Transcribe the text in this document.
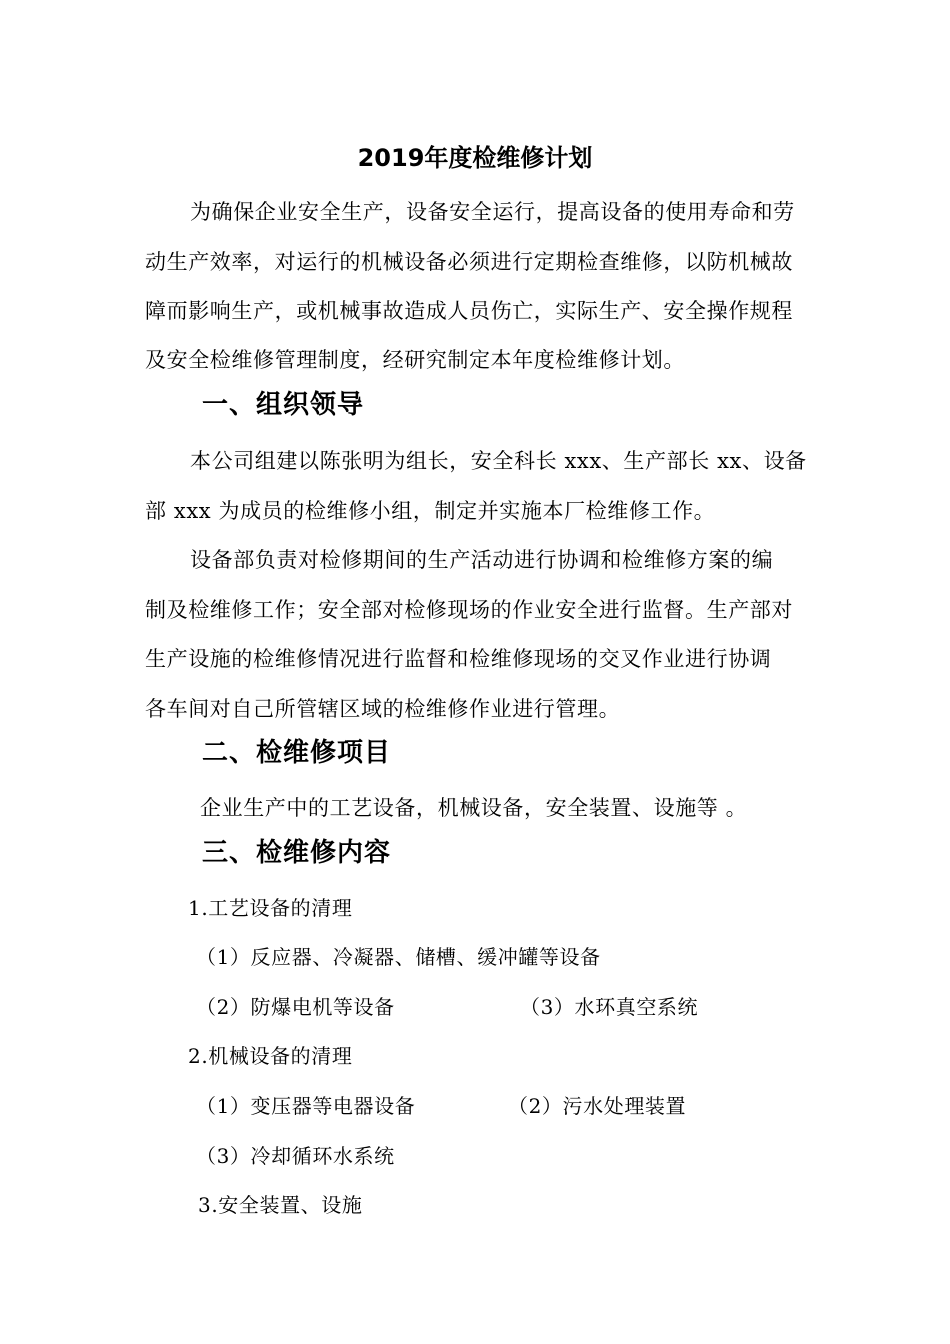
2019年度检维修计划

为确保企业安全生产，设备安全运行，提高设备的使用寿命和劳

动生产效率，对运行的机械设备必须进行定期检查维修，以防机械故

障而影响生产，或机械事故造成人员伤亡，实际生产、安全操作规程

及安全检维修管理制度，经研究制定本年度检维修计划。

一、组织领导

本公司组建以陈张明为组长，安全科长 xxx、生产部长 xx、设备

部 xxx 为成员的检维修小组，制定并实施本厂检维修工作。

设备部负责对检修期间的生产活动进行协调和检维修方案的编

制及检维修工作；安全部对检修现场的作业安全进行监督。生产部对

生产设施的检维修情况进行监督和检维修现场的交叉作业进行协调

各车间对自己所管辖区域的检维修作业进行管理。

二、检维修项目

企业生产中的工艺设备，机械设备，安全装置、设施等 。

三、检维修内容

1.工艺设备的清理

（1）反应器、冷凝器、储槽、缓冲罐等设备

（2）防爆电机等设备	（3）水环真空系统

2.机械设备的清理

（1）变压器等电器设备	（2）污水处理装置

（3）冷却循环水系统

3.安全装置、设施
